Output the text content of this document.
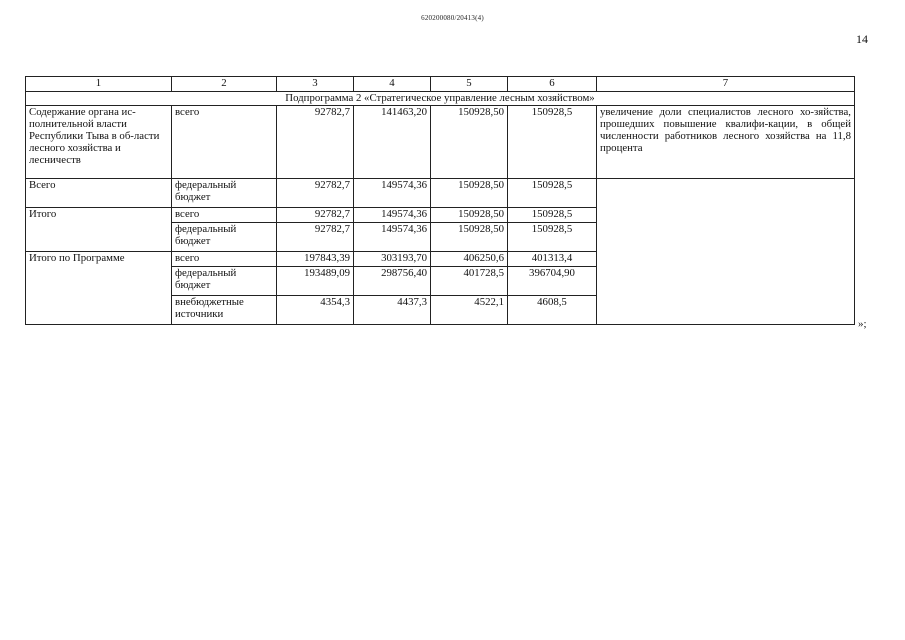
620200080/20413(4)
14
1	2	3	4	5	6	7
Подпрограмма 2 «Стратегическое управление лесным хозяйством»						
Содержание органа ис-полнительной власти Республики Тыва в об-ласти лесного хозяйства и лесничеств	всего	92782,7	141463,20	150928,50	150928,5	увеличение доли специалистов лесного хо-зяйства, прошедших повышение квалифи-кации, в общей численности работников лесного хозяйства на 11,8 процента
Всего	федеральный бюджет	92782,7	149574,36	150928,50	150928,5	
Итого	всего	92782,7	149574,36	150928,50	150928,5	
	федеральный бюджет	92782,7	149574,36	150928,50	150928,5	
Итого по Программе	всего	197843,39	303193,70	406250,6	401313,4	
	федеральный бюджет	193489,09	298756,40	401728,5	396704,90	
	внебюджетные источники	4354,3	4437,3	4522,1	4608,5	
»;
